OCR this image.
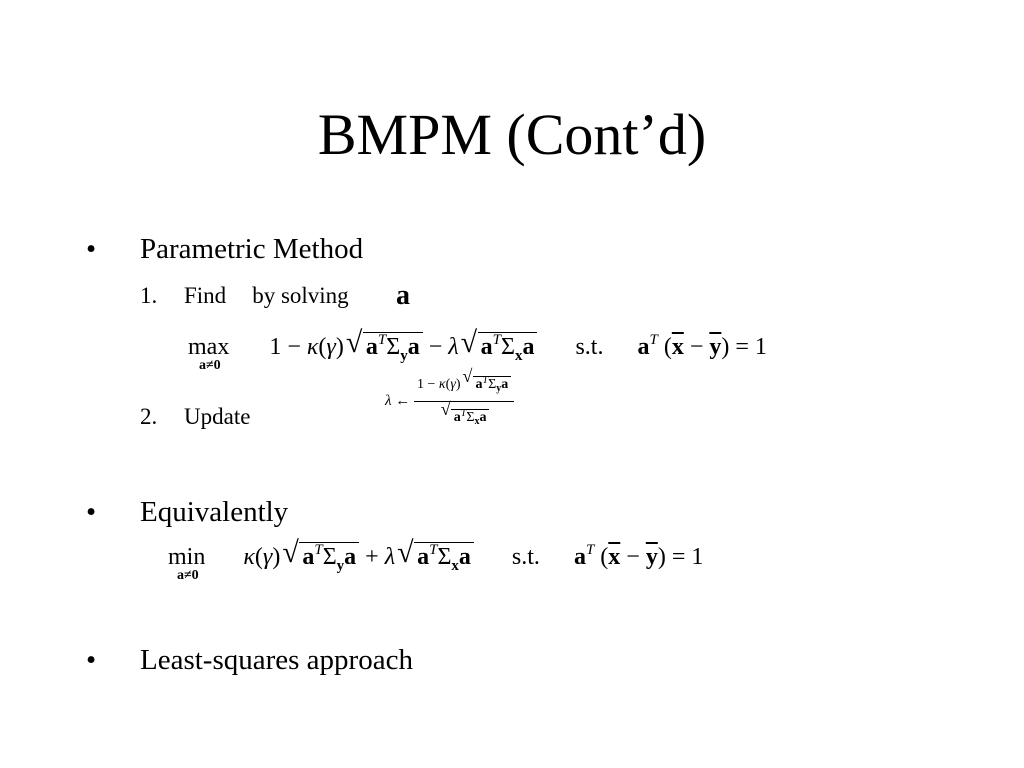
BMPM (Cont’d)
• Parametric Method
1. Find by solving a
max 1 − κ(γ) √ $a^T\Sigma_ya - \lambda$ √ $a^T\Sigma_xa$ s.t. $a^T$ $(\overline{x} - \overline{y}) = 1$
a≠0
λ ← $\frac{1 - \kappa(\gamma) √ a^T\Sigma_ya}{√ a^T\Sigma_xa}$
2. Update
• Equivalently
min κ(γ) √ $a^T\Sigma_ya + \lambda$ √ $a^T\Sigma_xa$ s.t. $a^T$ $(\overline{x} - \overline{y}) = 1$
a≠0
• Least-squares approach
